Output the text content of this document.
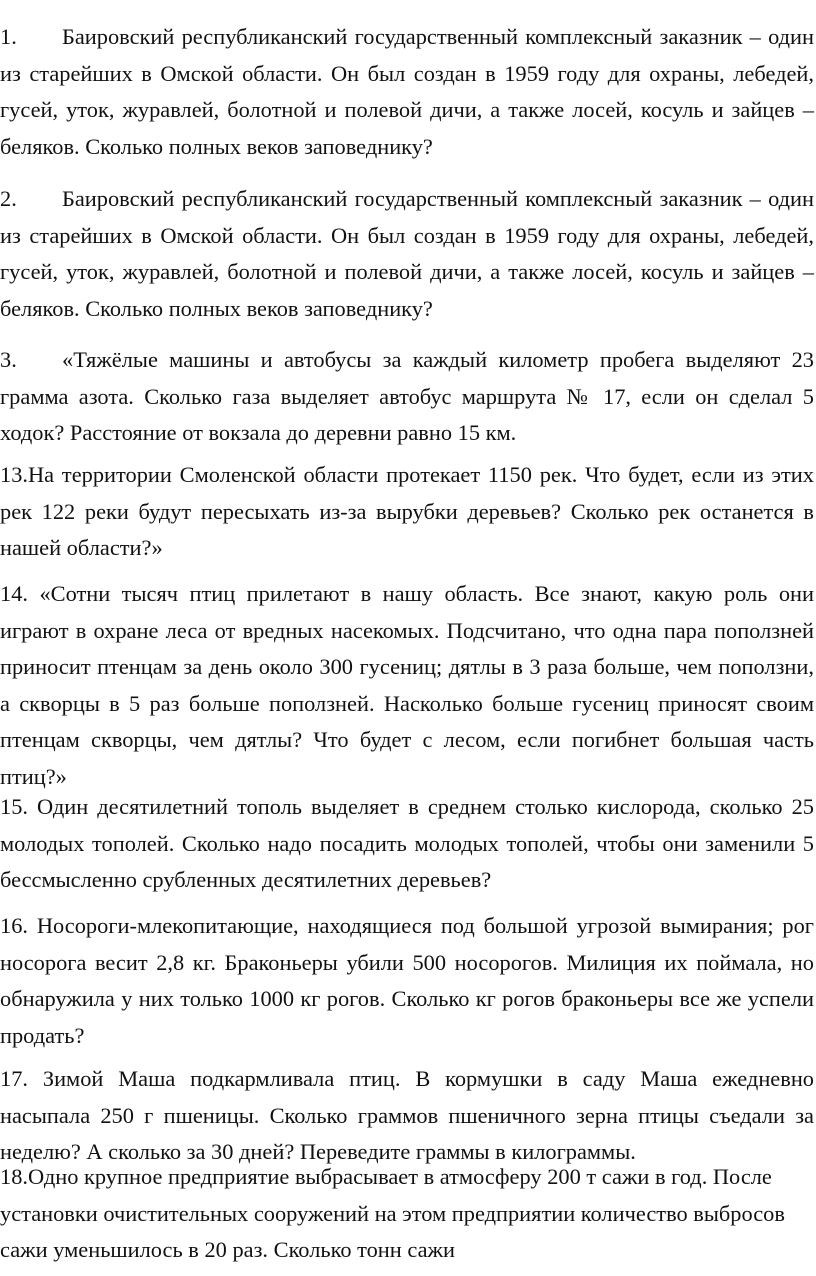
1. Баировский республиканский государственный комплексный заказник – один из старейших в Омской области. Он был создан в 1959 году для охраны, лебедей, гусей, уток, журавлей, болотной и полевой дичи, а также лосей, косуль и зайцев – беляков. Сколько полных веков заповеднику?

2. Баировский республиканский государственный комплексный заказник – один из старейших в Омской области. Он был создан в 1959 году для охраны, лебедей, гусей, уток, журавлей, болотной и полевой дичи, а также лосей, косуль и зайцев – беляков. Сколько полных веков заповеднику?

3. «Тяжёлые машины и автобусы за каждый километр пробега выделяют 23 грамма азота. Сколько газа выделяет автобус маршрута № 17, если он сделал 5 ходок? Расстояние от вокзала до деревни равно 15 км.

13.На территории Смоленской области протекает 1150 рек. Что будет, если из этих рек 122 реки будут пересыхать из-за вырубки деревьев? Сколько рек останется в нашей области?»

14. «Сотни тысяч птиц прилетают в нашу область. Все знают, какую роль они играют в охране леса от вредных насекомых. Подсчитано, что одна пара поползней приносит птенцам за день около 300 гусениц; дятлы в 3 раза больше, чем поползни, а скворцы в 5 раз больше поползней. Насколько больше гусениц приносят своим птенцам скворцы, чем дятлы? Что будет с лесом, если погибнет большая часть птиц?»

15. Один десятилетний тополь выделяет в среднем столько кислорода, сколько 25 молодых тополей. Сколько надо посадить молодых тополей, чтобы они заменили 5 бессмысленно срубленных десятилетних деревьев?

16. Носороги-млекопитающие, находящиеся под большой угрозой вымирания; рог носорога весит 2,8 кг. Браконьеры убили 500 носорогов. Милиция их поймала, но обнаружила у них только 1000 кг рогов. Сколько кг рогов браконьеры все же успели продать?

17. Зимой Маша подкармливала птиц. В кормушки в саду Маша ежедневно насыпала 250 г пшеницы. Сколько граммов пшеничного зерна птицы съедали за неделю? А сколько за 30 дней? Переведите граммы в килограммы.

18.Одно крупное предприятие выбрасывает в атмосферу 200 т сажи в год. После установки очистительных сооружений на этом предприятии количество выбросов сажи уменьшилось в 20 раз. Сколько тонн сажи
